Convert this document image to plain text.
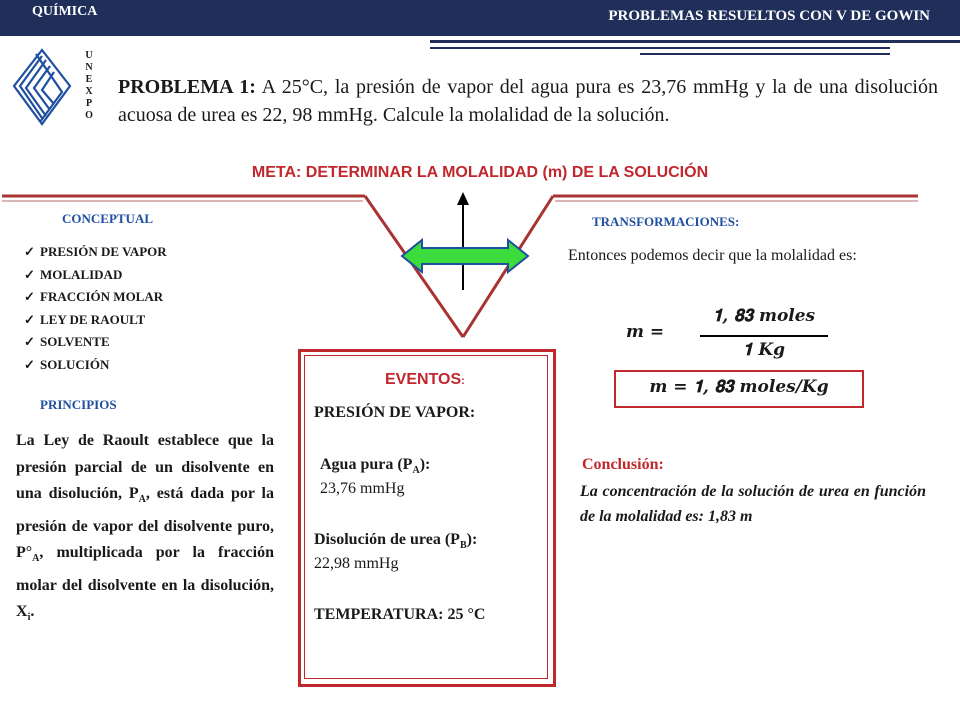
QUÍMICA	PROBLEMAS RESUELTOS CON V DE GOWIN
U
N
E
X
P
O
PROBLEMA 1: A 25°C, la presión de vapor del agua pura es 23,76 mmHg y la de una disolución acuosa de urea es 22, 98 mmHg. Calcule la molalidad de la solución.
META: DETERMINAR LA MOLALIDAD (m) DE LA SOLUCIÓN
CONCEPTUAL
✓ PRESIÓN DE VAPOR
✓ MOLALIDAD
✓ FRACCIÓN MOLAR
✓ LEY DE RAOULT
✓ SOLVENTE
✓ SOLUCIÓN
PRINCIPIOS
La Ley de Raoult establece que la presión parcial de un disolvente en una disolución, $P_A$, está dada por la presión de vapor del disolvente puro, $P^\circ_A$, multiplicada por la fracción molar del disolvente en la disolución, $X_i$.
TRANSFORMACIONES:
Entonces podemos decir que la molalidad es:
𝒎 =
𝟏, 𝟖𝟑 𝒎𝒐𝒍𝒆𝒔
𝟏 𝑲𝒈
𝒎 = 𝟏, 𝟖𝟑 𝒎𝒐𝒍𝒆𝒔/𝑲𝒈
Conclusión:
La concentración de la solución de urea en función de la molalidad es: 1,83 m
EVENTOS:
PRESIÓN DE VAPOR:
Agua pura $(P_A)$:
23,76 mmHg
Disolución de urea $(P_B)$:
22,98 mmHg
TEMPERATURA: 25 °C
